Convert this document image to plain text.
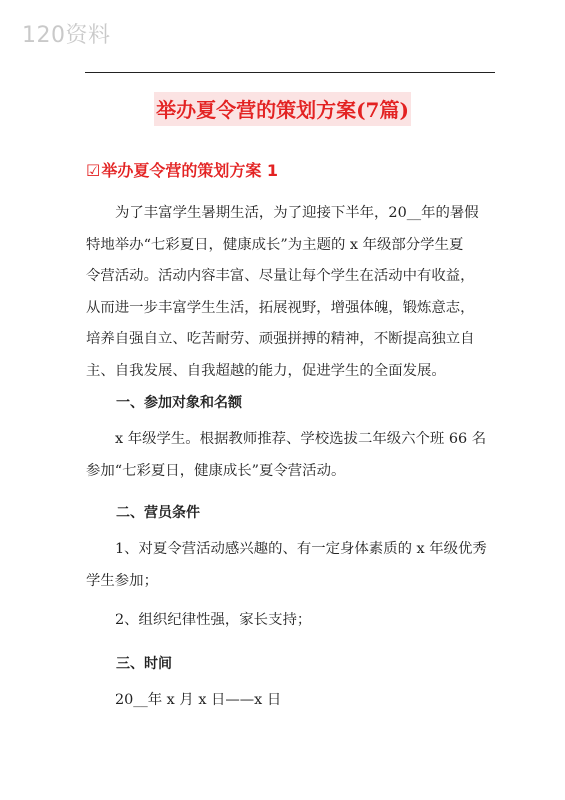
120资料
举办夏令营的策划方案(7篇)
☑举办夏令营的策划方案 1
为了丰富学生暑期生活，为了迎接下半年，20__年的暑假
特地举办“七彩夏日，健康成长”为主题的 x 年级部分学生夏
令营活动。活动内容丰富、尽量让每个学生在活动中有收益，
从而进一步丰富学生生活，拓展视野，增强体魄，锻炼意志，
培养自强自立、吃苦耐劳、顽强拼搏的精神，不断提高独立自
主、自我发展、自我超越的能力，促进学生的全面发展。
一、参加对象和名额
x 年级学生。根据教师推荐、学校选拔二年级六个班 66 名
参加“七彩夏日，健康成长”夏令营活动。
二、营员条件
1、对夏令营活动感兴趣的、有一定身体素质的 x 年级优秀
学生参加；
2、组织纪律性强，家长支持；
三、时间
20__年 x 月 x 日——x 日
